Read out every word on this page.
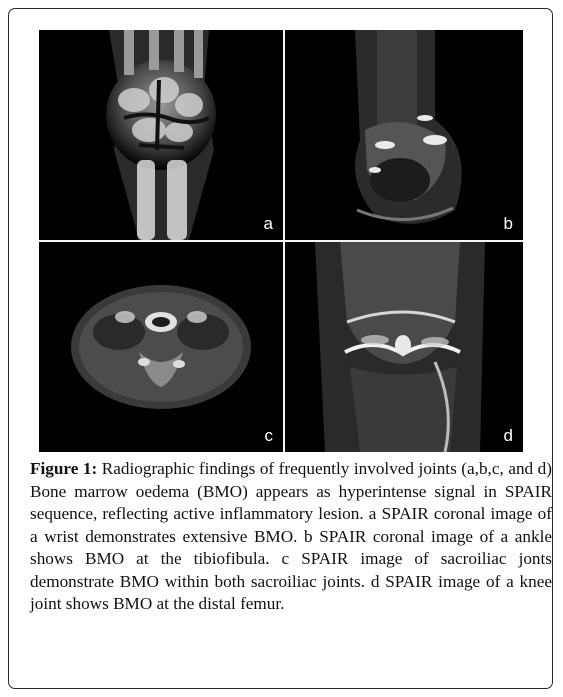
a	b
c	d
Figure 1: Radiographic findings of frequently involved joints (a,b,c, and d) Bone marrow oedema (BMO) appears as hyperintense signal in SPAIR sequence, reflecting active inflammatory lesion. a SPAIR coronal image of a wrist demonstrates extensive BMO. b SPAIR coronal image of a ankle shows BMO at the tibiofibula. c SPAIR image of sacroiliac jonts demonstrate BMO within both sacroiliac joints. d SPAIR image of a knee joint shows BMO at the distal femur.
